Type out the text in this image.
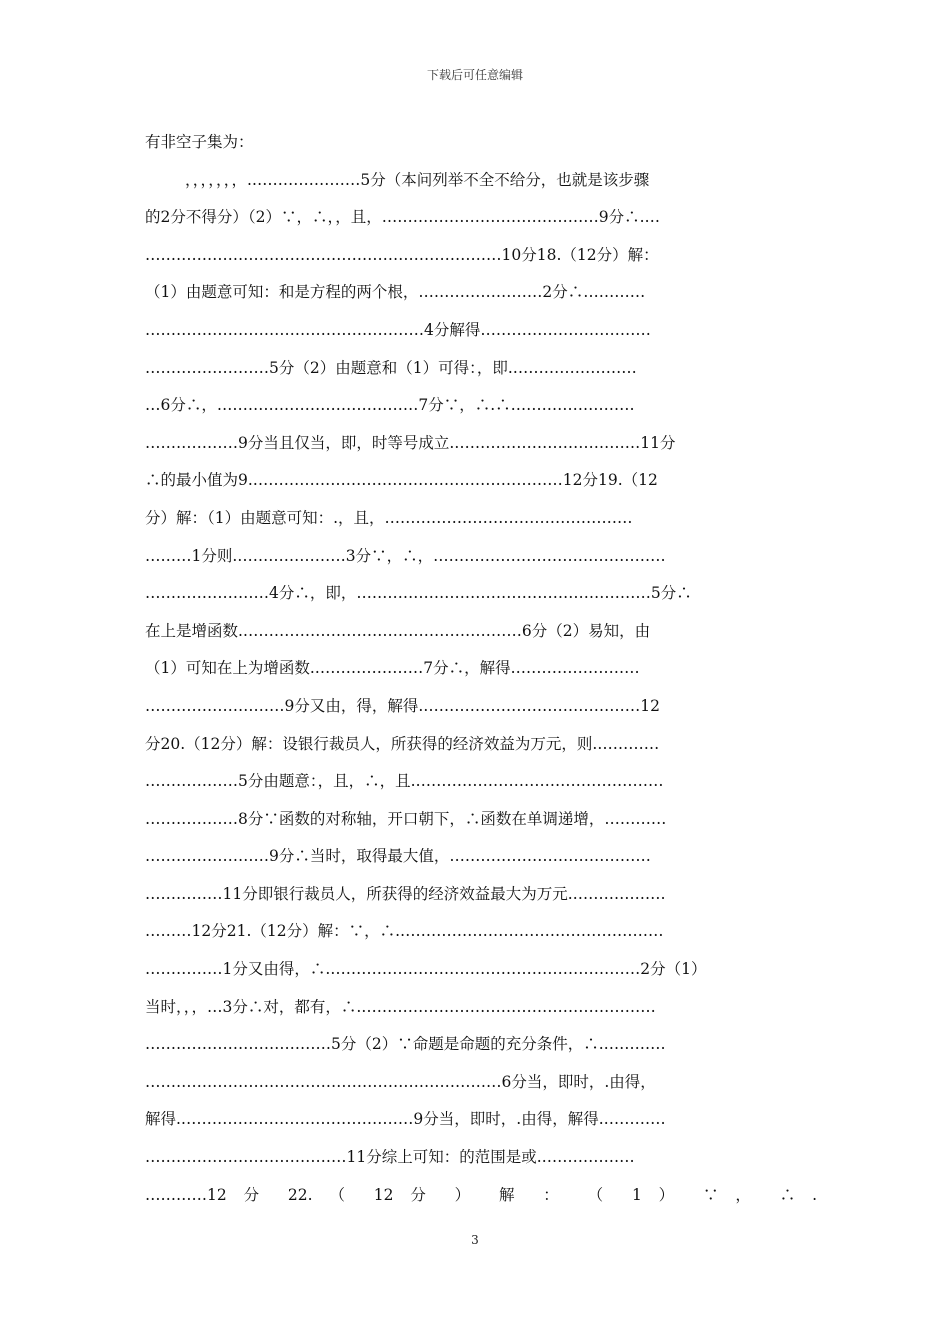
下载后可任意编辑
有非空子集为：
，，，，，，，.…………………5分（本问列举不全不给分，也就是该步骤
的2分不得分）（2）∵，∴，，且，……………………………………9分∴.…
……………………………………………………………10分18.（12分）解：
（1）由题意可知：和是方程的两个根，……………………2分∴…………
………………………………………………4分解得……………………………
……………………5分（2）由题意和（1）可得：，即.……………………
…6分∴，…………………………………7分∵，∴.∴……………………
………………9分当且仅当，即，时等号成立.………………………………11分
∴的最小值为9.……………………………………………………12分19.（12
分）解：（1）由题意可知：.，且，…………………………………………
………1分则.…………………3分∵，∴，………………………………………
……………………4分∴，即，…………………………………………………5分∴
在上是增函数.………………………………………………6分（2）易知，由
（1）可知在上为增函数.…………………7分∴，解得.……………………
………………………9分又由，得，解得.……………………………………12
分20.（12分）解：设银行裁员人，所获得的经济效益为万元，则.…………
………………5分由题意：，且，∴，且.…………………………………………
………………8分∵函数的对称轴，开口朝下，∴函数在单调递增，…………
……………………9分∴当时，取得最大值，…………………………………
……………11分即银行裁员人，所获得的经济效益最大为万元.………………
………12分21.（12分）解：∵，∴.……………………………………………
……………1分又由得，∴.……………………………………………………2分（1）
当时，，，…3分∴对，都有，∴.…………………………………………………
………………………………5分（2）∵命题是命题的充分条件，∴.…………
……………………………………………………………6分当，即时，.由得，
解得.………………………………………9分当，即时，.由得，解得.…………
…………………………………11分综上可知：的范围是或.………………
…………12 分 22. （ 12 分 ） 解 ： （ 1 ） ∵ ， ∴ .
3
